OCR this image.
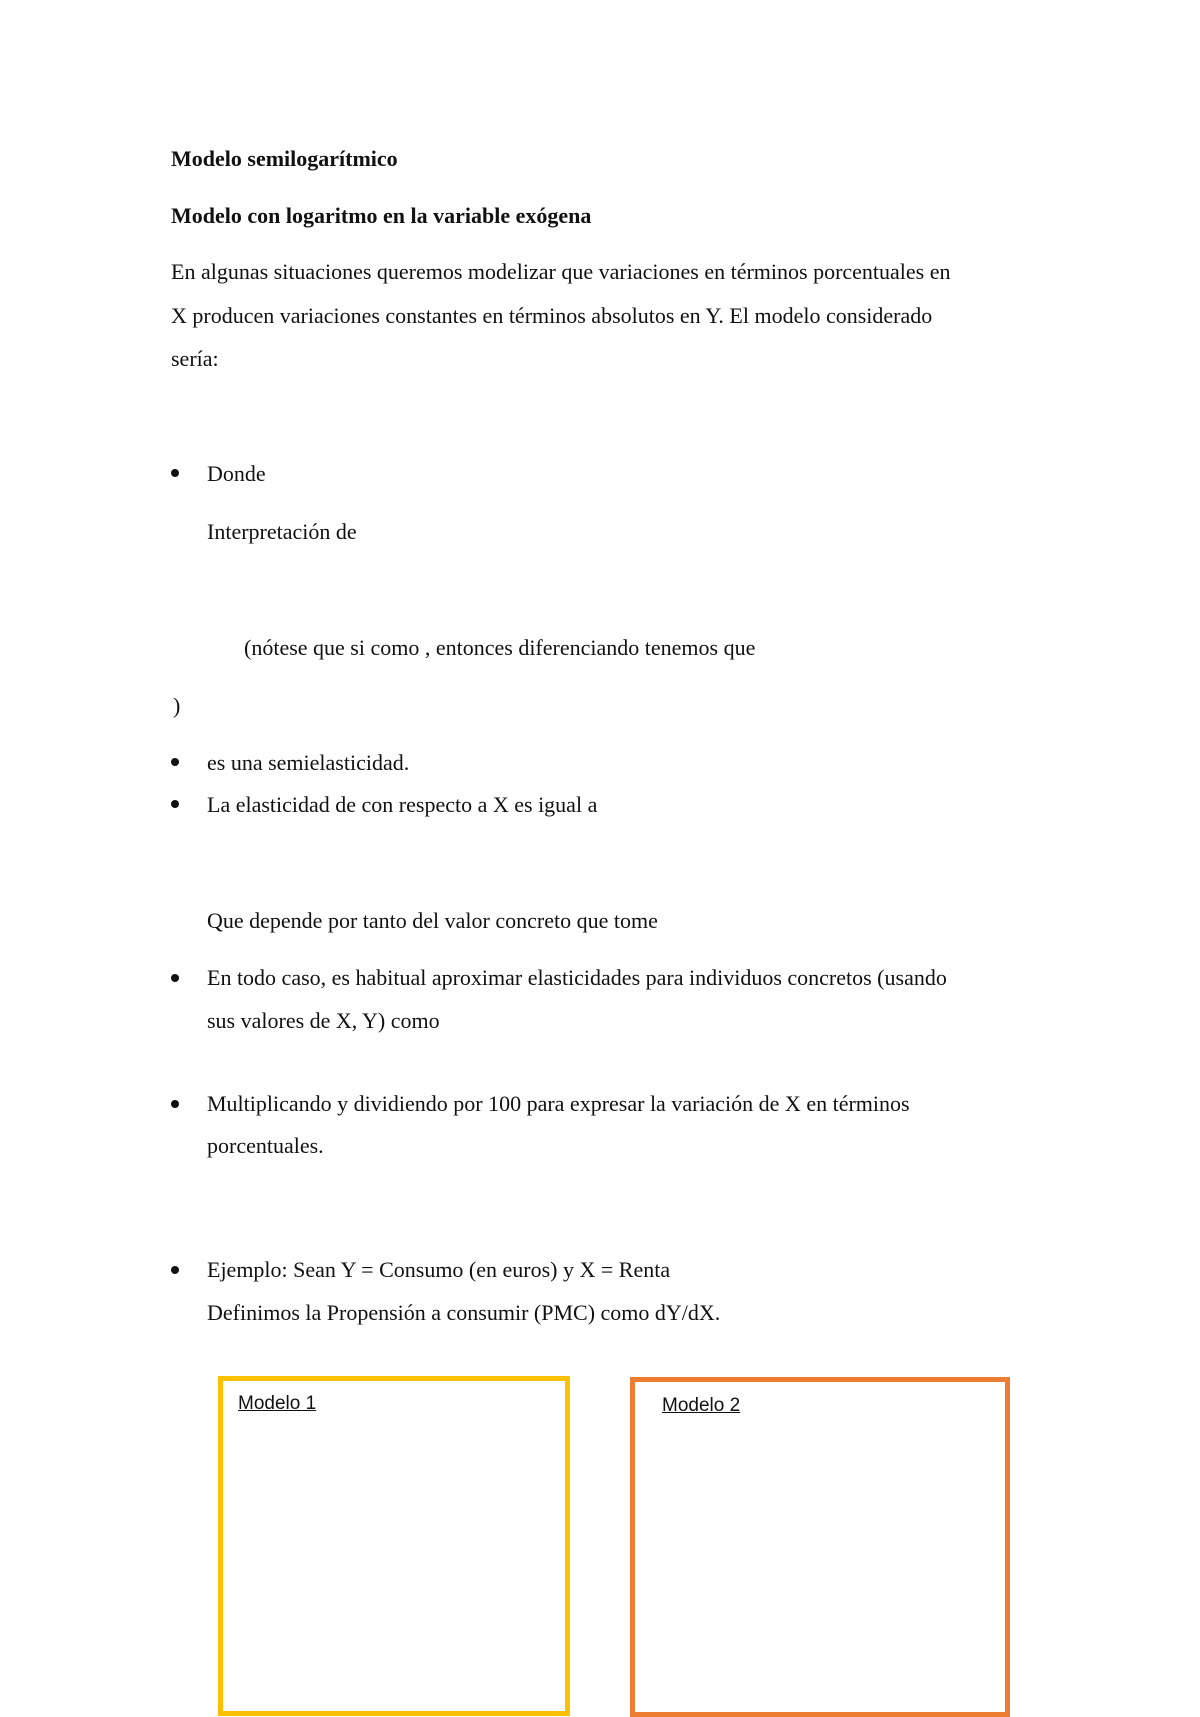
Modelo semilogarítmico
Modelo con logaritmo en la variable exógena
En algunas situaciones queremos modelizar que variaciones en términos porcentuales en
X producen variaciones constantes en términos absolutos en Y. El modelo considerado
sería:
Donde
Interpretación de
(nótese que si como , entonces diferenciando tenemos que
)
es una semielasticidad.
La elasticidad de con respecto a X es igual a
Que depende por tanto del valor concreto que tome
En todo caso, es habitual aproximar elasticidades para individuos concretos (usando
sus valores de X, Y) como
Multiplicando y dividiendo por 100 para expresar la variación de X en términos
porcentuales.
Ejemplo: Sean Y = Consumo (en euros) y X = Renta
Definimos la Propensión a consumir (PMC) como dY/dX.
Modelo 1	Modelo 2
